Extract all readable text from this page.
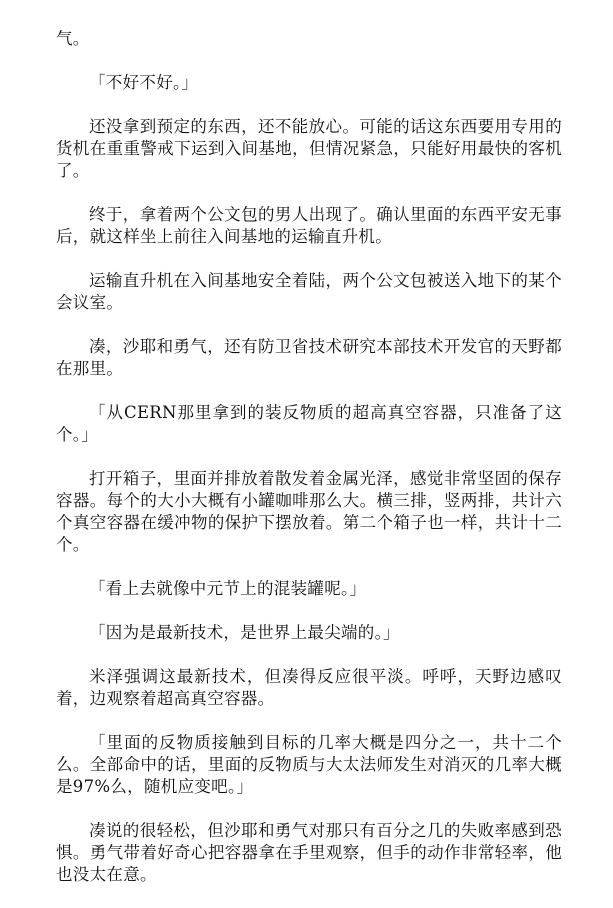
气。

「不好不好。」

还没拿到预定的东西，还不能放心。可能的话这东西要用专用的货机在重重警戒下运到入间基地，但情况紧急，只能好用最快的客机了。

终于，拿着两个公文包的男人出现了。确认里面的东西平安无事后，就这样坐上前往入间基地的运输直升机。

运输直升机在入间基地安全着陆，两个公文包被送入地下的某个会议室。

凑，沙耶和勇气，还有防卫省技术研究本部技术开发官的天野都在那里。

「从CERN那里拿到的装反物质的超高真空容器，只准备了这个。」

打开箱子，里面并排放着散发着金属光泽，感觉非常坚固的保存容器。每个的大小大概有小罐咖啡那么大。横三排，竖两排，共计六个真空容器在缓冲物的保护下摆放着。第二个箱子也一样，共计十二个。

「看上去就像中元节上的混装罐呢。」

「因为是最新技术，是世界上最尖端的。」

米泽强调这最新技术，但凑得反应很平淡。呼呼，天野边感叹着，边观察着超高真空容器。

「里面的反物质接触到目标的几率大概是四分之一，共十二个么。全部命中的话，里面的反物质与大太法师发生对消灭的几率大概是97%么，随机应变吧。」

凑说的很轻松，但沙耶和勇气对那只有百分之几的失败率感到恐惧。勇气带着好奇心把容器拿在手里观察，但手的动作非常轻率，他也没太在意。
